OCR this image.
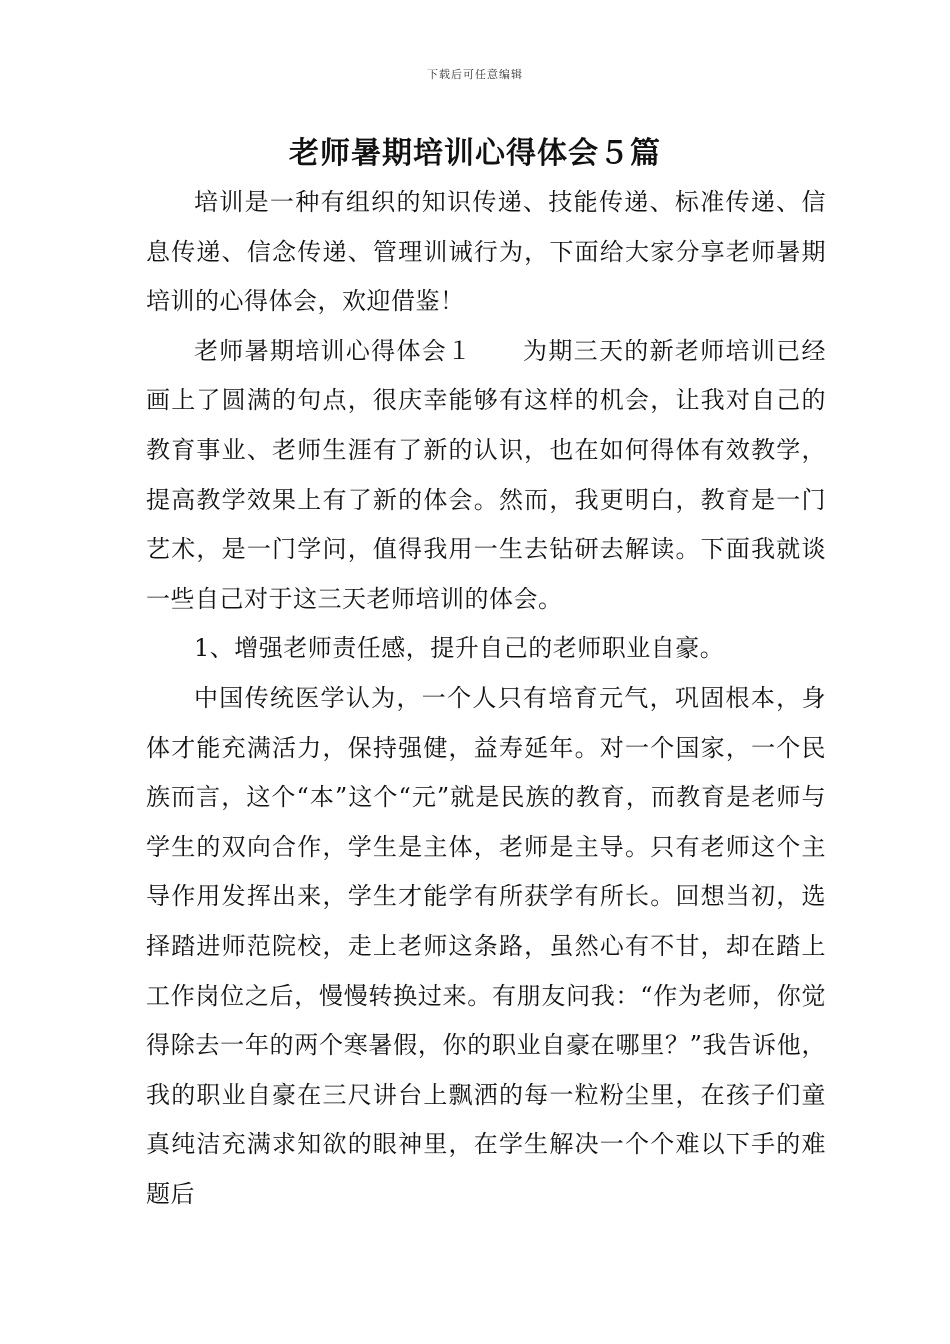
下载后可任意编辑
老师暑期培训心得体会５篇

培训是一种有组织的知识传递、技能传递、标准传递、信息传递、信念传递、管理训诫行为，下面给大家分享老师暑期培训的心得体会，欢迎借鉴！

老师暑期培训心得体会１　　为期三天的新老师培训已经画上了圆满的句点，很庆幸能够有这样的机会，让我对自己的教育事业、老师生涯有了新的认识，也在如何得体有效教学，提高教学效果上有了新的体会。然而，我更明白，教育是一门艺术，是一门学问，值得我用一生去钻研去解读。下面我就谈一些自己对于这三天老师培训的体会。

1、增强老师责任感，提升自己的老师职业自豪。

中国传统医学认为，一个人只有培育元气，巩固根本，身体才能充满活力，保持强健，益寿延年。对一个国家，一个民族而言，这个“本”这个“元”就是民族的教育，而教育是老师与学生的双向合作，学生是主体，老师是主导。只有老师这个主导作用发挥出来，学生才能学有所获学有所长。回想当初，选择踏进师范院校，走上老师这条路，虽然心有不甘，却在踏上工作岗位之后，慢慢转换过来。有朋友问我：“作为老师，你觉得除去一年的两个寒暑假，你的职业自豪在哪里？”我告诉他，我的职业自豪在三尺讲台上飘洒的每一粒粉尘里，在孩子们童真纯洁充满求知欲的眼神里，在学生解决一个个难以下手的难题后
